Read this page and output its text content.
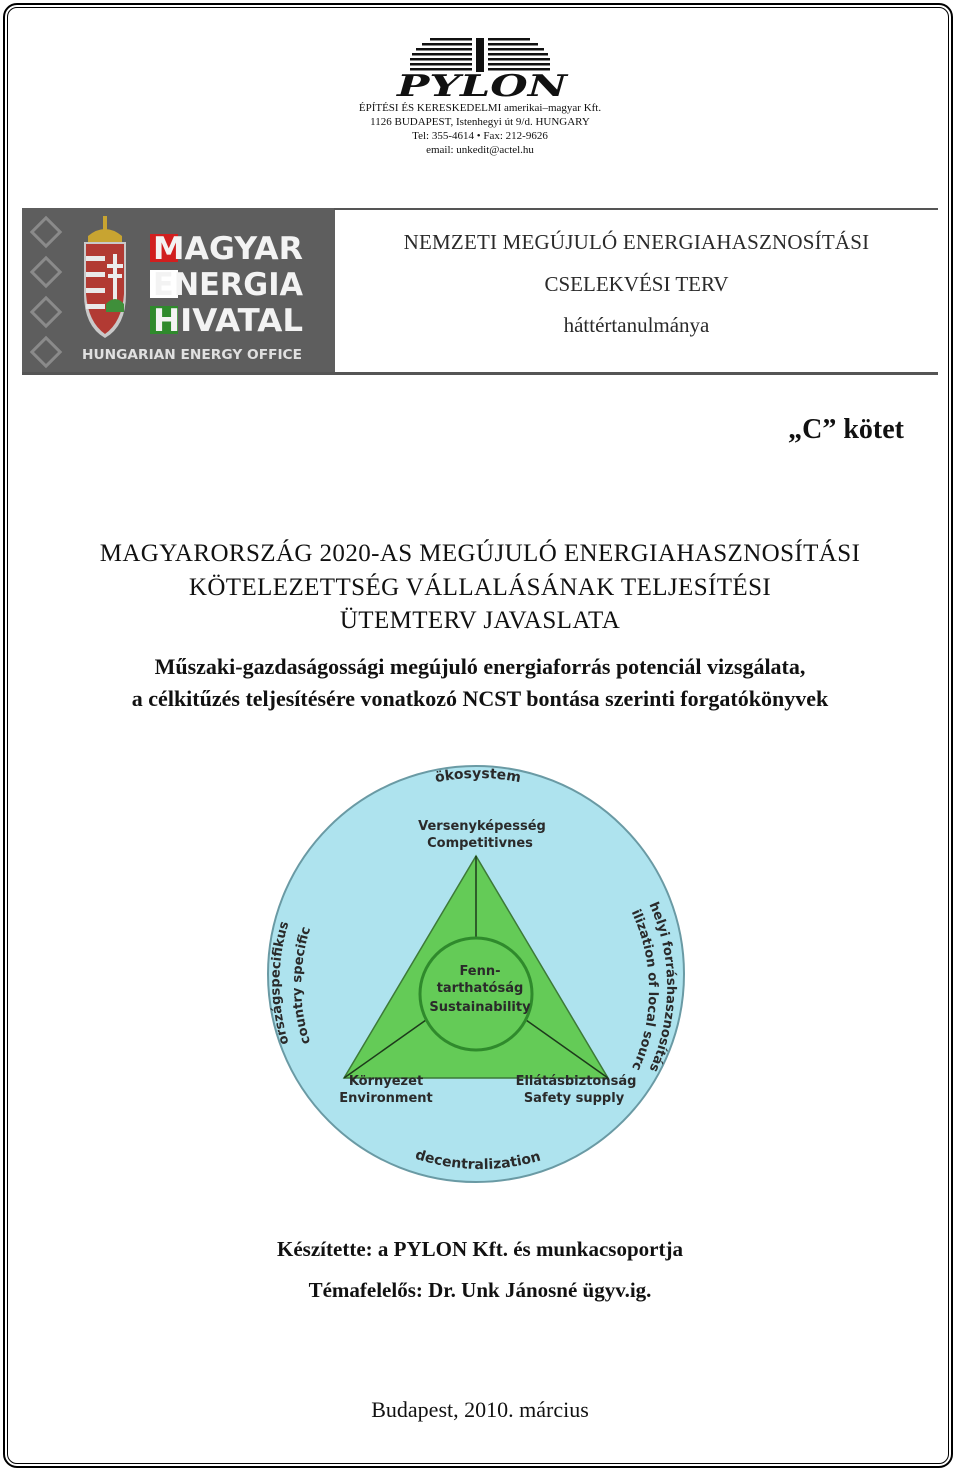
PYLON
ÉPÍTÉSI ÉS KERESKEDELMI amerikai–magyar Kft.
1126 BUDAPEST, Istenhegyi út 9/d. HUNGARY
Tel: 355-4614 • Fax: 212-9626
email: unkedit@actel.hu
MAGYAR
ENERGIA
HIVATAL
HUNGARIAN ENERGY OFFICE
NEMZETI MEGÚJULÓ ENERGIAHASZNOSÍTÁSI
CSELEKVÉSI TERV
háttértanulmánya
„C” kötet
MAGYARORSZÁG 2020-AS MEGÚJULÓ ENERGIAHASZNOSÍTÁSI
KÖTELEZETTSÉG VÁLLALÁSÁNAK TELJESÍTÉSI
ÜTEMTERV JAVASLATA
Műszaki-gazdaságossági megújuló energiaforrás potenciál vizsgálata,
a célkitűzés teljesítésére vonatkozó NCST bontása szerinti forgatókönyvek
ökosystem
decentralization
országspecifikus
country specific
helyi forráshasznosítás
utilization of local sources
Versenyképesség
Competitivnes
Környezet
Environment
Ellátásbiztonság
Safety supply
Fenn-
tarthatóság
Sustainability
Készítette: a PYLON Kft. és munkacsoportja
Témafelelős: Dr. Unk Jánosné ügyv.ig.
Budapest, 2010. március
